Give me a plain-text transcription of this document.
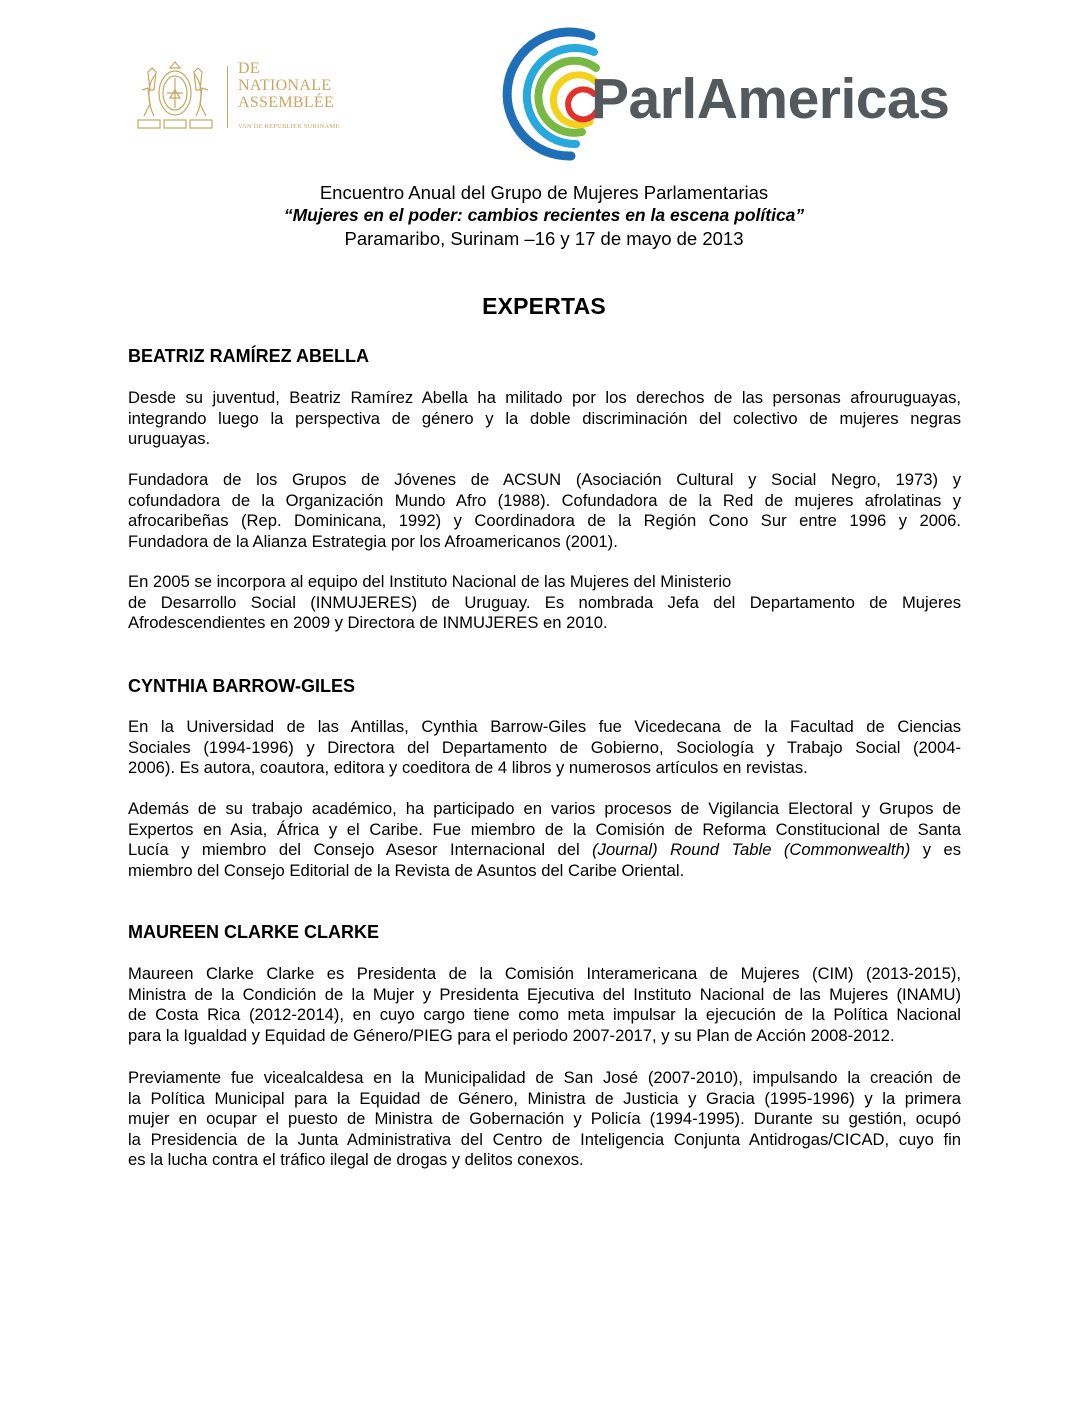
DE
NATIONALE
ASSEMBLÉE
VAN DE REPUBLIEK SURINAME	ParlAmericas
Encuentro Anual del Grupo de Mujeres Parlamentarias
“Mujeres en el poder: cambios recientes en la escena política”
Paramaribo, Surinam –16 y 17 de mayo de 2013
EXPERTAS
BEATRIZ RAMÍREZ ABELLA
Desde su juventud, Beatriz Ramírez Abella ha militado por los derechos de las personas afrouruguayas,
integrando luego la perspectiva de género y la doble discriminación del colectivo de mujeres negras
uruguayas.
Fundadora de los Grupos de Jóvenes de ACSUN (Asociación Cultural y Social Negro, 1973) y
cofundadora de la Organización Mundo Afro (1988). Cofundadora de la Red de mujeres afrolatinas y
afrocaribeñas (Rep. Dominicana, 1992) y Coordinadora de la Región Cono Sur entre 1996 y 2006.
Fundadora de la Alianza Estrategia por los Afroamericanos (2001).
En 2005 se incorpora al equipo del Instituto Nacional de las Mujeres del Ministerio
de Desarrollo Social (INMUJERES) de Uruguay. Es nombrada Jefa del Departamento de Mujeres
Afrodescendientes en 2009 y Directora de INMUJERES en 2010.
CYNTHIA BARROW-GILES
En la Universidad de las Antillas, Cynthia Barrow-Giles fue Vicedecana de la Facultad de Ciencias
Sociales (1994-1996) y Directora del Departamento de Gobierno, Sociología y Trabajo Social (2004-
2006). Es autora, coautora, editora y coeditora de 4 libros y numerosos artículos en revistas.
Además de su trabajo académico, ha participado en varios procesos de Vigilancia Electoral y Grupos de
Expertos en Asia, África y el Caribe. Fue miembro de la Comisión de Reforma Constitucional de Santa
Lucía y miembro del Consejo Asesor Internacional del (Journal) Round Table (Commonwealth) y es
miembro del Consejo Editorial de la Revista de Asuntos del Caribe Oriental.
MAUREEN CLARKE CLARKE
Maureen Clarke Clarke es Presidenta de la Comisión Interamericana de Mujeres (CIM) (2013-2015),
Ministra de la Condición de la Mujer y Presidenta Ejecutiva del Instituto Nacional de las Mujeres (INAMU)
de Costa Rica (2012-2014), en cuyo cargo tiene como meta impulsar la ejecución de la Política Nacional
para la Igualdad y Equidad de Género/PIEG para el periodo 2007-2017, y su Plan de Acción 2008-2012.
Previamente fue vicealcaldesa en la Municipalidad de San José (2007-2010), impulsando la creación de
la Política Municipal para la Equidad de Género, Ministra de Justicia y Gracia (1995-1996) y la primera
mujer en ocupar el puesto de Ministra de Gobernación y Policía (1994-1995). Durante su gestión, ocupó
la Presidencia de la Junta Administrativa del Centro de Inteligencia Conjunta Antidrogas/CICAD, cuyo fin
es la lucha contra el tráfico ilegal de drogas y delitos conexos.
